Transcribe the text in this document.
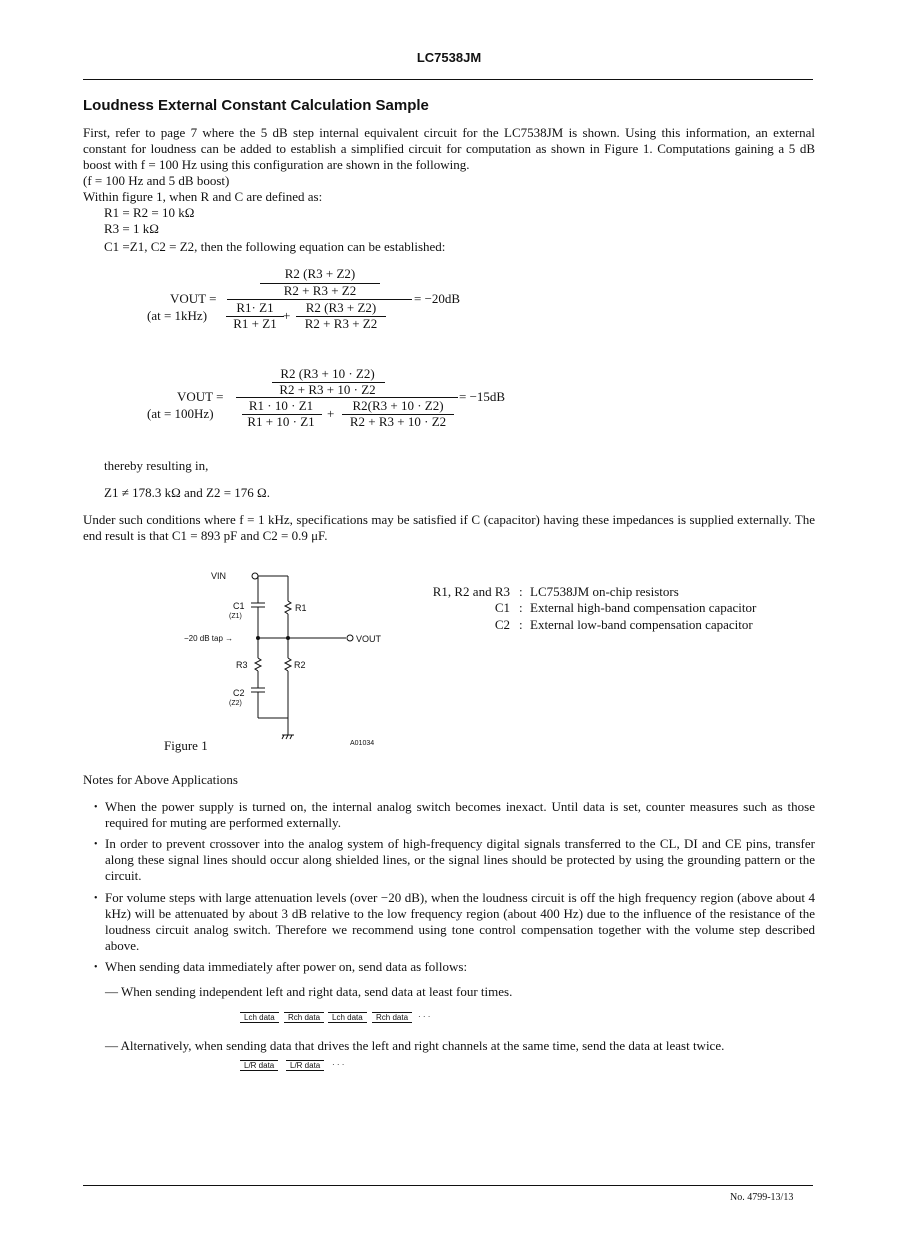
LC7538JM
Loudness External Constant Calculation Sample
First, refer to page 7 where the 5 dB step internal equivalent circuit for the LC7538JM is shown. Using this information, an external constant for loudness can be added to establish a simplified circuit for computation as shown in Figure 1. Computations gaining a 5 dB boost with f = 100 Hz using this configuration are shown in the following.
(f = 100 Hz and 5 dB boost)
Within figure 1, when R and C are defined as:
R1 = R2 = 10 kΩ
R3 = 1 kΩ
C1 =Z1, C2 = Z2, then the following equation can be established:
R2 (R3 + Z2)
R2 + R3 + Z2
VOUT =	= −20dB
(at = 1kHz)
R1· Z1
R1 + Z1
+
R2 (R3 + Z2)
R2 + R3 + Z2
R2 (R3 + 10 · Z2)
R2 + R3 + 10 · Z2
VOUT =	= −15dB
(at = 100Hz)
R1 · 10 · Z1
R1 + 10 · Z1
+
R2(R3 + 10 · Z2)
R2 + R3 + 10 · Z2
thereby resulting in,
Z1 ≠ 178.3 kΩ and Z2 = 176 Ω.
Under such conditions where f = 1 kHz, specifications may be satisfied if C (capacitor) having these impedances is supplied externally. The end result is that C1 = 893 pF and C2 = 0.9 μF.
VIN
C1
(Z1)
R1
−20 dB tap →	VOUT
R3	R2
C2
(Z2)
A01034
Figure 1
R1, R2 and R3 : LC7538JM on-chip resistors
C1 : External high-band compensation capacitor
C2 : External low-band compensation capacitor
Notes for Above Applications
• When the power supply is turned on, the internal analog switch becomes inexact. Until data is set, counter measures such as those required for muting are performed externally.
• In order to prevent crossover into the analog system of high-frequency digital signals transferred to the CL, DI and CE pins, transfer along these signal lines should occur along shielded lines, or the signal lines should be protected by using the grounding pattern or the circuit.
• For volume steps with large attenuation levels (over −20 dB), when the loudness circuit is off the high frequency region (above about 4 kHz) will be attenuated by about 3 dB relative to the low frequency region (about 400 Hz) due to the influence of the resistance of the loudness circuit analog switch. Therefore we recommend using tone control compensation together with the volume step described above.
• When sending data immediately after power on, send data as follows:
— When sending independent left and right data, send data at least four times.
Lch data	Rch data	Lch data	Rch data	· · ·
— Alternatively, when sending data that drives the left and right channels at the same time, send the data at least twice.
L/R data	L/R data	· · ·
No. 4799-13/13
